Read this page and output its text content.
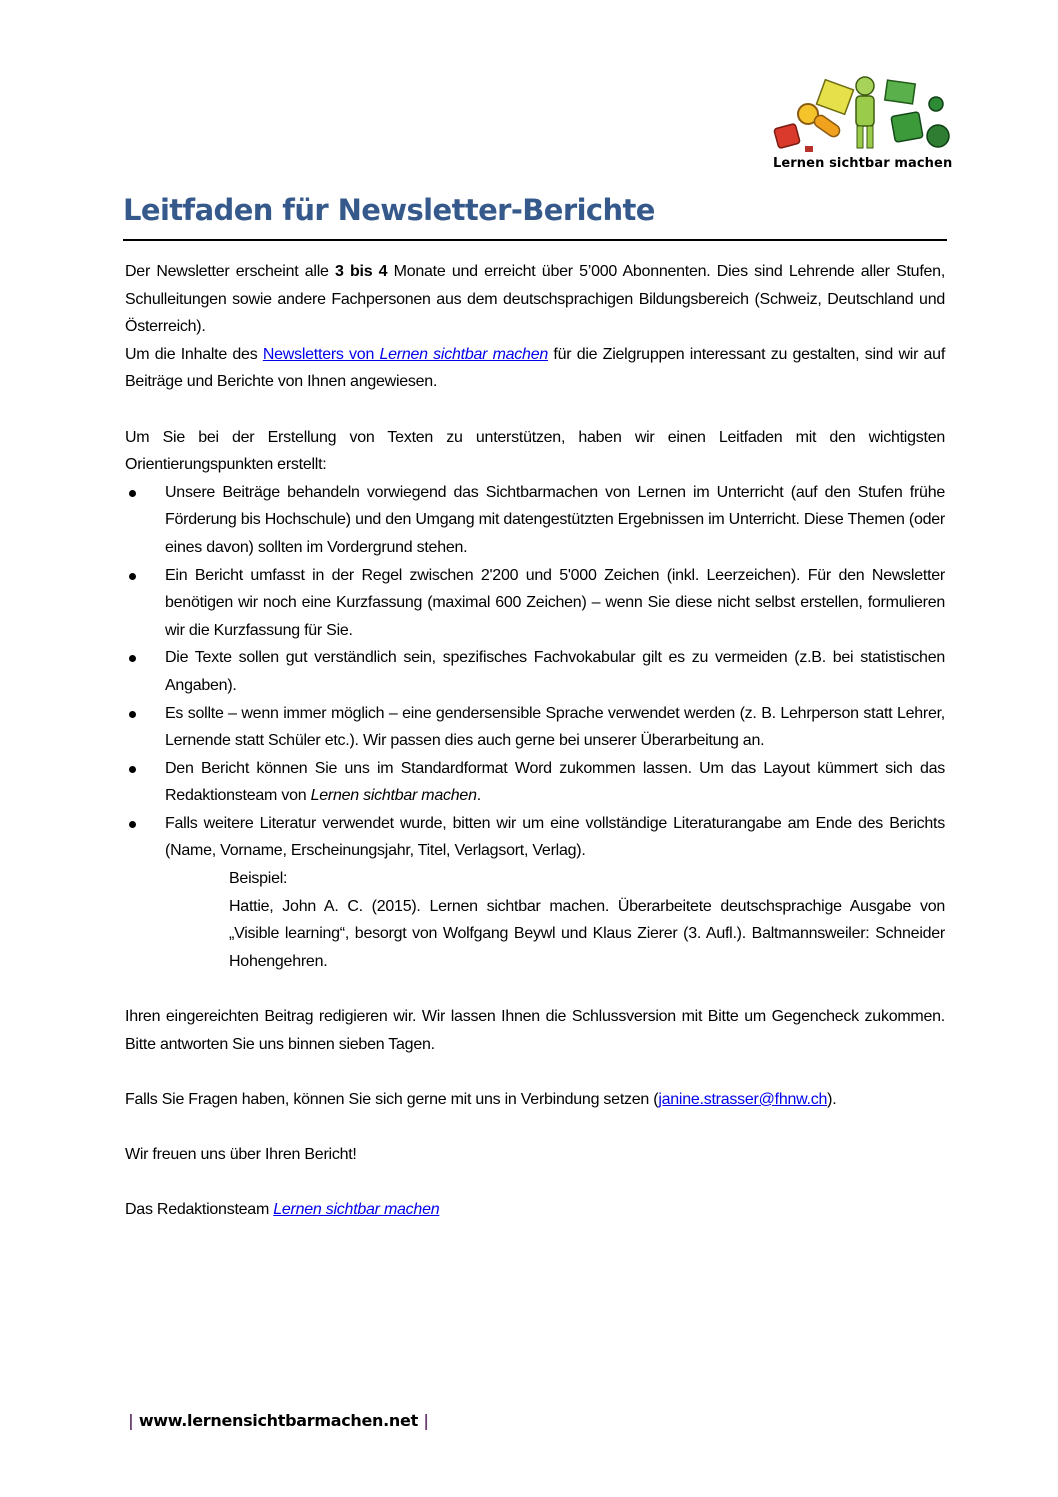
Lernen sichtbar machen
Leitfaden für Newsletter-Berichte

Der Newsletter erscheint alle 3 bis 4 Monate und erreicht über 5’000 Abonnenten. Dies sind Lehrende aller Stufen, Schulleitungen sowie andere Fachpersonen aus dem deutschsprachigen Bildungsbereich (Schweiz, Deutschland und Österreich).

Um die Inhalte des Newsletters von Lernen sichtbar machen für die Zielgruppen interessant zu gestalten, sind wir auf Beiträge und Berichte von Ihnen angewiesen.

Um Sie bei der Erstellung von Texten zu unterstützen, haben wir einen Leitfaden mit den wichtigsten Orientierungspunkten erstellt:

Unsere Beiträge behandeln vorwiegend das Sichtbarmachen von Lernen im Unterricht (auf den Stufen frühe Förderung bis Hochschule) und den Umgang mit datengestützten Ergebnissen im Unterricht. Diese Themen (oder eines davon) sollten im Vordergrund stehen.
Ein Bericht umfasst in der Regel zwischen 2'200 und 5'000 Zeichen (inkl. Leerzeichen). Für den Newsletter benötigen wir noch eine Kurzfassung (maximal 600 Zeichen) – wenn Sie diese nicht selbst erstellen, formulieren wir die Kurzfassung für Sie.
Die Texte sollen gut verständlich sein, spezifisches Fachvokabular gilt es zu vermeiden (z.B. bei statistischen Angaben).
Es sollte – wenn immer möglich – eine gendersensible Sprache verwendet werden (z. B. Lehrperson statt Lehrer, Lernende statt Schüler etc.). Wir passen dies auch gerne bei unserer Überarbeitung an.
Den Bericht können Sie uns im Standardformat Word zukommen lassen. Um das Layout kümmert sich das Redaktionsteam von Lernen sichtbar machen.
Falls weitere Literatur verwendet wurde, bitten wir um eine vollständige Literaturangabe am Ende des Berichts (Name, Vorname, Erscheinungsjahr, Titel, Verlagsort, Verlag).
Beispiel:

Hattie, John A. C. (2015). Lernen sichtbar machen. Überarbeitete deutschsprachige Ausgabe von „Visible learning“, besorgt von Wolfgang Beywl und Klaus Zierer (3. Aufl.). Baltmannsweiler: Schneider Hohengehren.

Ihren eingereichten Beitrag redigieren wir. Wir lassen Ihnen die Schlussversion mit Bitte um Gegencheck zukommen. Bitte antworten Sie uns binnen sieben Tagen.

Falls Sie Fragen haben, können Sie sich gerne mit uns in Verbindung setzen (janine.strasser@fhnw.ch).

Wir freuen uns über Ihren Bericht!

Das Redaktionsteam Lernen sichtbar machen

| www.lernensichtbarmachen.net |
